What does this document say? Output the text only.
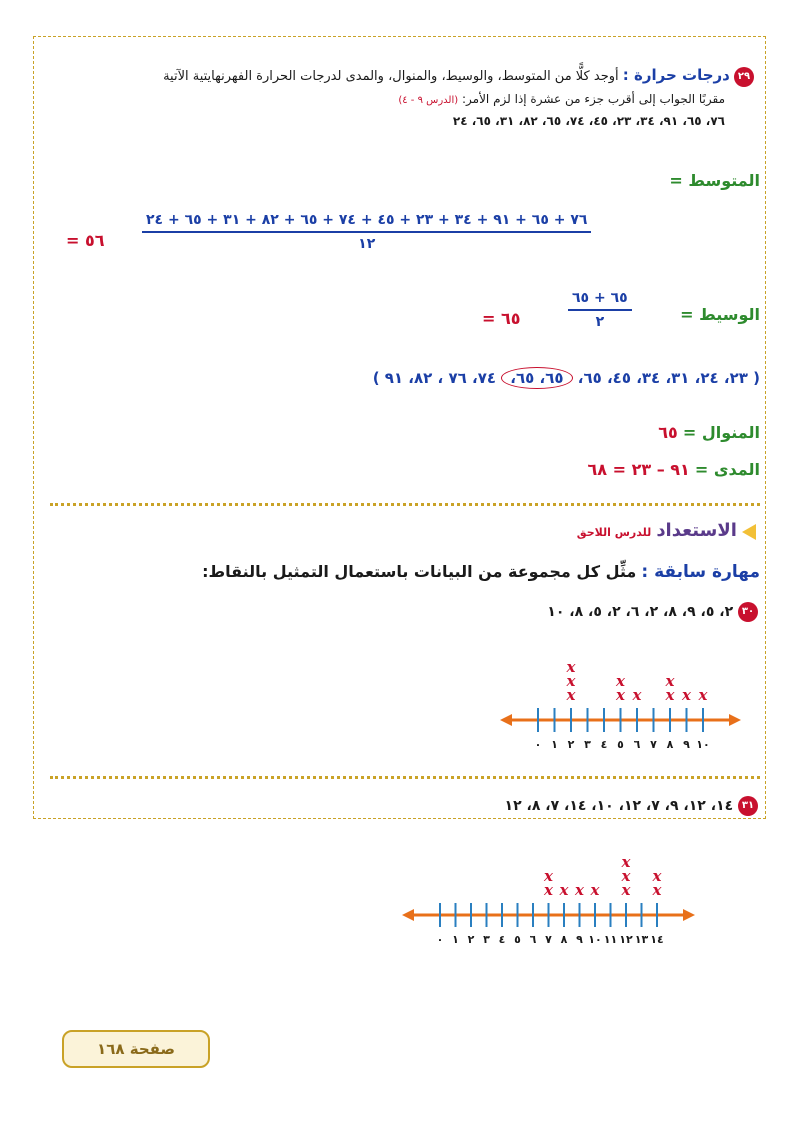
٢٩ درجات حرارة : أوجد كلًّا من المتوسط، والوسيط، والمنوال، والمدى لدرجات الحرارة الفهرنهايتية الآتية
مقربًا الجواب إلى أقرب جزء من عشرة إذا لزم الأمر: (الدرس ٩ - ٤)
٧٦، ٦٥، ٩١، ٣٤، ٢٣، ٤٥، ٧٤، ٦٥، ٨٢، ٣١، ٦٥، ٢٤
المتوسط =
= ٥٦	$\frac{٧٦ + ٦٥ + ٩١ + ٣٤ + ٢٣ + ٤٥ + ٧٤ + ٦٥ + ٨٢ + ٣١ + ٦٥ + ٢٤}{١٢}$
الوسيط =
$\frac{٦٥ + ٦٥}{٢}$
= ٦٥
( ٢٣، ٢٤، ٣١، ٣٤، ٤٥، ٦٥، ٦٥، ٦٥، ٧٤، ٧٦ ، ٨٢، ٩١ )
المنوال = ٦٥
المدى = ٩١ – ٢٣ = ٦٨
الاستعداد للدرس اللاحق
مهارة سابقة : مثِّل كل مجموعة من البيانات باستعمال التمثيل بالنقاط:
٣٠ ٢، ٥، ٩، ٨، ٢، ٦، ٢، ٥، ٨، ١٠
٠ ١ ٢
x
x
x
٣ ٤ ٥
x
x
٦
x
٧ ٨
x
x
٩
x
١٠
x
٣١ ١٤، ١٢، ٩، ٧، ١٢، ١٠، ١٤، ٧، ٨، ١٢
٠ ١ ٢ ٣ ٤ ٥ ٦ ٧
x
x
٨
x
٩
x
١٠
x
١١ ١٢
x
x
x
١٣ ١٤
x
x
صفحة ١٦٨
